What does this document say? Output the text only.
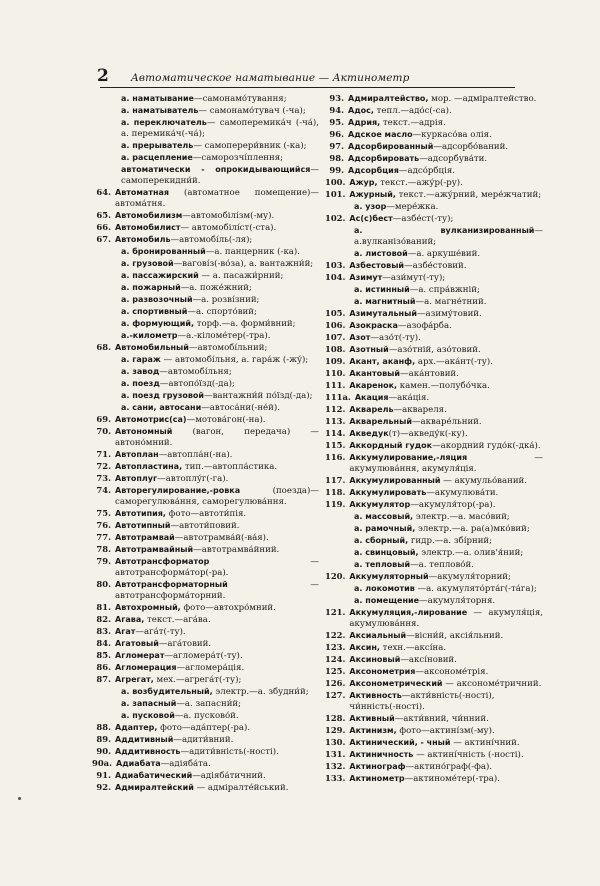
2 Автоматическое наматывание — Актинометр
а. наматывание—самонамо́тування;
а. наматыватель— самонамо́тувач (-ча);
а. переключатель— самоперемика́ч (-ча́), а. перемика́ч(-ча́);
а. прерыватель— самоперери́вник (-ка);
а. расцепление—саморозчі́плення;
автоматически - опрокидывающийся—самоперекидни́й.
64. Автоматная (автоматное помещение)—автома́тня.
65. Автомобилизм—автомобілі́зм(-му).
66. Автомобилист— автомобілі́ст(-ста).
67. Автомобиль—автомобі́ль(-ля);
а. бронированный—а. панцерник (-ка).
а. грузовой—вагові́з(-во́за), а. вантажни́й;
а. пассажирский — а. пасажи́рний;
а. пожарный—а. поже́жний;
а. развозочный—а. розві́зний;
а. спортивный—а. спорто́вий;
а. формующий, торф.—а. форми́вний;
а.-километр—а.-кіломе́тер(-тра).
68. Автомобильный—автомобі́льний;
а. гараж — автомобі́льня, а. гара́ж (-жу́);
а. завод—автомобі́льня;
а. поезд—автопо́їзд(-да);
а. поезд грузовой—вантажни́й по́їзд(-да);
а. сани, автосани—автоса́ни(-не́й).
69. Автомотрис(са)—мотова́гон(-на).
70. Автономный (вагон, передача) — автоно́мний.
71. Автоплан—автопла́н(-на).
72. Автопластина, тип.—автопла́стика.
73. Автоплуг—автоплу́г(-га).
74. Авторегулирование,-ровка (поезда)—саморегулюва́ння, саморегулюва́ння.
75. Автотипия, фото—автоти́пія.
76. Автотипный—автоти́повий.
77. Автотрамвай—автотрамва́й(-ва́я).
78. Автотрамвайный—автотрамва́йний.
79. Автотрансформатор — автотрансформа́тор(-ра).
80. Автотрансформаторный — автотрансформа́торний.
81. Автохромный, фото—автохро́мний.
82. Агава, текст.—ага́ва.
83. Агат—ага́т(-ту).
84. Агатовый—ага́товий.
85. Агломерат—агломера́т(-ту).
86. Агломерация—агломера́ція.
87. Агрегат, мех.—агрега́т(-ту);
а. возбудительный, электр.—а. збудни́й;
а. запасный—а. запасни́й;
а. пусковой—а. пусково́й.
88. Адаптер, фото—ада́птер(-ра).
89. Аддитивный—адити́вний.
90. Аддитивность—адити́вність(-ності).
90а. Адиабата—адіяба́та.
91. Адиабатический—адіяба́тичний.
92. Адмиралтейский — адміралте́йський.
93. Адмиралтейство, мор. —адміралтейство.
94. Адос, тепл.—адо́с(-са).
95. Адрия, текст.—адрія.
96. Адское масло—куркасо́ва олія.
97. Адсорбированный—адсорбо́ваний.
98. Адсорбировать—адсорбува́ти.
99. Адсорбция—адсо́рбція.
100. Ажур, текст.—ажу́р(-ру).
101. Ажурный, текст.—ажу́рний, мере́жчатий;
а. узор—мере́жка.
102. Ас(с)бест—азбе́ст(-ту);
а. вулканизированный—а.вулканізо́ваний;
а. листовой—а. аркуше́вий.
103. Азбестовый—азбе́стовий.
104. Азимут—ази́мут(-ту);
а. истинный—а. спра́вжній;
а. магнитный—а. магне́тний.
105. Азимутальный—азиму́товий.
106. Азокраска—азофа́рба.
107. Азот—азо́т(-ту).
108. Азотный—азо́тній, азо́товий.
109. Акант, аканф, арх.—ака́нт(-ту).
110. Акантовый—ака́нтовий.
111. Акаренок, камен.—полубо́чка.
111а. Акация—ака́ція.
112. Акварель—аквареля.
113. Акварельный—акваре́льний.
114. Акведук(т)—акведу́к(-ку).
115. Аккордный гудок—акордний гудо́к(-дка́).
116. Аккумулирование,-ляция — акумулюва́ння, акумуля́ція.
117. Аккумулированный — акумульо́ваний.
118. Аккумулировать—акумулюва́ти.
119. Аккумулятор—акумуля́тор(-ра).
а. массовый, электр.—а. масо́вий;
а. рамочный, электр.—а. ра(а)мко́вий;
а. сборный, гидр.—а. збі́рний;
а. свинцовый, электр.—а. олив'я́ний;
а. тепловый—а. теплово́й.
120. Аккумуляторный—акумуля́торний;
а. локомотив —а. акумулято́рта́г(-та́га);
а. помещение—акумуля́торня.
121. Аккумуляция,-лирование — акумуля́ція, акумулюва́ння.
122. Аксиальный—вісни́й, аксія́льний.
123. Аксин, техн.—аксі́на.
124. Аксиновый—аксі́новий.
125. Аксонометрия—аксономе́трія.
126. Аксонометрический — аксономе́тричний.
127. Активность—акти́вність(-ності), чи́нність(-ності).
128. Активный—акти́вний, чи́нний.
129. Актинизм, фото—актині́зм(-му).
130. Актинический, - чный — актині́чний.
131. Актиничность — актині́чність (-ності).
132. Актинограф—актино́граф(-фа).
133. Актинометр—актиноме́тер(-тра).
